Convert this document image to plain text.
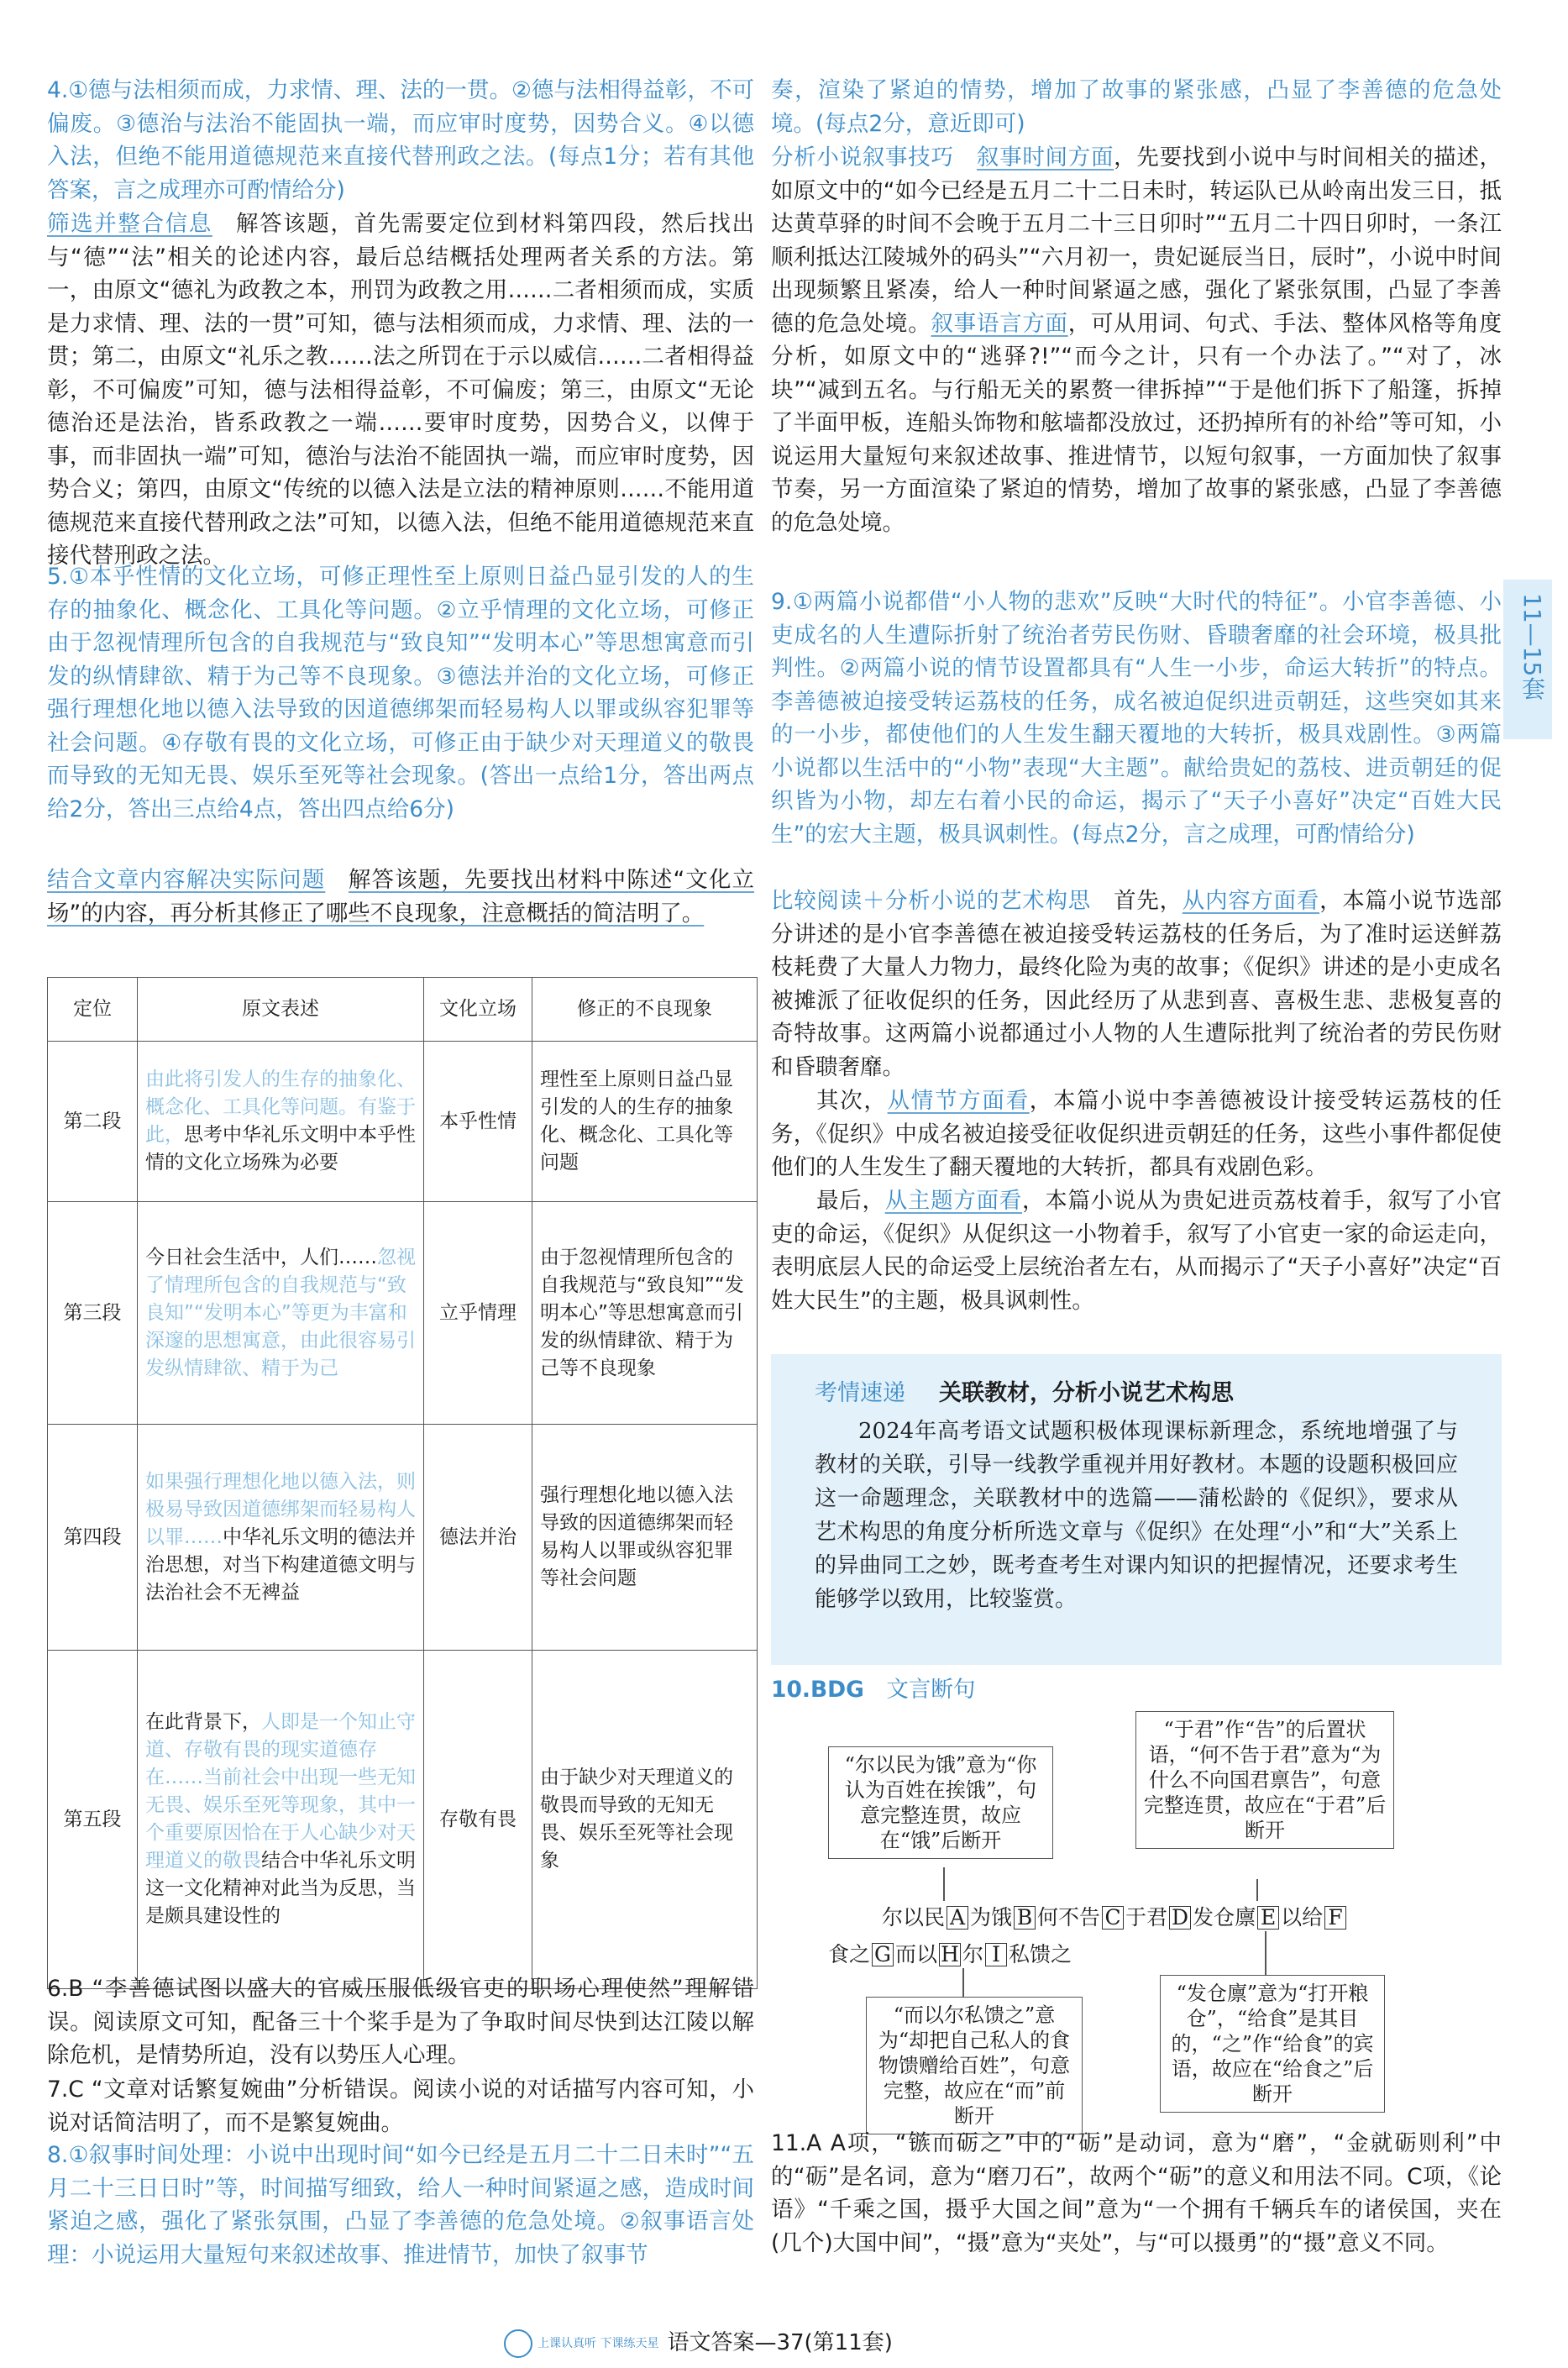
4.①德与法相须而成，力求情、理、法的一贯。②德与法相得益彰，不可偏废。③德治与法治不能固执一端，而应审时度势，因势合义。④以德入法，但绝不能用道德规范来直接代替刑政之法。(每点1分；若有其他答案，言之成理亦可酌情给分)
筛选并整合信息　 解答该题，首先需要定位到材料第四段，然后找出与“德”“法”相关的论述内容，最后总结概括处理两者关系的方法。第一，由原文“德礼为政教之本，刑罚为政教之用……二者相须而成，实质是力求情、理、法的一贯”可知，德与法相须而成，力求情、理、法的一贯；第二，由原文“礼乐之教……法之所罚在于示以威信……二者相得益彰，不可偏废”可知，德与法相得益彰，不可偏废；第三，由原文“无论德治还是法治，皆系政教之一端……要审时度势，因势合义，以俾于事，而非固执一端”可知，德治与法治不能固执一端，而应审时度势，因势合义；第四，由原文“传统的以德入法是立法的精神原则……不能用道德规范来直接代替刑政之法”可知，以德入法，但绝不能用道德规范来直接代替刑政之法。
5.①本乎性情的文化立场，可修正理性至上原则日益凸显引发的人的生存的抽象化、概念化、工具化等问题。②立乎情理的文化立场，可修正由于忽视情理所包含的自我规范与“致良知”“发明本心”等思想寓意而引发的纵情肆欲、精于为己等不良现象。③德法并治的文化立场，可修正强行理想化地以德入法导致的因道德绑架而轻易构人以罪或纵容犯罪等社会问题。④存敬有畏的文化立场，可修正由于缺少对天理道义的敬畏而导致的无知无畏、娱乐至死等社会现象。(答出一点给1分，答出两点给2分，答出三点给4点，答出四点给6分)
结合文章内容解决实际问题　 解答该题，先要找出材料中陈述“文化立场”的内容，再分析其修正了哪些不良现象，注意概括的简洁明了。
定位	原文表述	文化立场	修正的不良现象
第二段	由此将引发人的生存的抽象化、概念化、工具化等问题。有鉴于此，思考中华礼乐文明中本乎性情的文化立场殊为必要	本乎性情	理性至上原则日益凸显引发的人的生存的抽象化、概念化、工具化等问题
第三段	今日社会生活中，人们……忽视了情理所包含的自我规范与“致良知”“发明本心”等更为丰富和深邃的思想寓意，由此很容易引发纵情肆欲、精于为己	立乎情理	由于忽视情理所包含的自我规范与“致良知”“发明本心”等思想寓意而引发的纵情肆欲、精于为己等不良现象
第四段	如果强行理想化地以德入法，则极易导致因道德绑架而轻易构人以罪……中华礼乐文明的德法并治思想，对当下构建道德文明与法治社会不无裨益	德法并治	强行理想化地以德入法导致的因道德绑架而轻易构人以罪或纵容犯罪等社会问题
第五段	在此背景下，人即是一个知止守道、存敬有畏的现实道德存在……当前社会中出现一些无知无畏、娱乐至死等现象，其中一个重要原因恰在于人心缺少对天理道义的敬畏结合中华礼乐文明这一文化精神对此当为反思，当是颇具建设性的	存敬有畏	由于缺少对天理道义的敬畏而导致的无知无畏、娱乐至死等社会现象
6.B “李善德试图以盛大的官威压服低级官吏的职场心理使然”理解错误。阅读原文可知，配备三十个桨手是为了争取时间尽快到达江陵以解除危机，是情势所迫，没有以势压人心理。
7.C “文章对话繁复婉曲”分析错误。阅读小说的对话描写内容可知，小说对话简洁明了，而不是繁复婉曲。
8.①叙事时间处理：小说中出现时间“如今已经是五月二十二日未时”“五月二十三日日时”等，时间描写细致，给人一种时间紧逼之感，造成时间紧迫之感，强化了紧张氛围，凸显了李善德的危急处境。②叙事语言处理：小说运用大量短句来叙述故事、推进情节，加快了叙事节
奏，渲染了紧迫的情势，增加了故事的紧张感，凸显了李善德的危急处境。(每点2分，意近即可)
分析小说叙事技巧　 叙事时间方面，先要找到小说中与时间相关的描述，如原文中的“如今已经是五月二十二日未时，转运队已从岭南出发三日，抵达黄草驿的时间不会晚于五月二十三日卯时”“五月二十四日卯时，一条江顺利抵达江陵城外的码头”“六月初一，贵妃诞辰当日，辰时”，小说中时间出现频繁且紧凑，给人一种时间紧逼之感，强化了紧张氛围，凸显了李善德的危急处境。叙事语言方面，可从用词、句式、手法、整体风格等角度分析，如原文中的“逃驿?!”“而今之计，只有一个办法了。”“对了，冰块”“减到五名。与行船无关的累赘一律拆掉”“于是他们拆下了船篷，拆掉了半面甲板，连船头饰物和舷墙都没放过，还扔掉所有的补给”等可知，小说运用大量短句来叙述故事、推进情节，以短句叙事，一方面加快了叙事节奏，另一方面渲染了紧迫的情势，增加了故事的紧张感，凸显了李善德的危急处境。
9.①两篇小说都借“小人物的悲欢”反映“大时代的特征”。小官李善德、小吏成名的人生遭际折射了统治者劳民伤财、昏聩奢靡的社会环境，极具批判性。②两篇小说的情节设置都具有“人生一小步，命运大转折”的特点。李善德被迫接受转运荔枝的任务，成名被迫促织进贡朝廷，这些突如其来的一小步，都使他们的人生发生翻天覆地的大转折，极具戏剧性。③两篇小说都以生活中的“小物”表现“大主题”。献给贵妃的荔枝、进贡朝廷的促织皆为小物，却左右着小民的命运，揭示了“天子小喜好”决定“百姓大民生”的宏大主题，极具讽刺性。(每点2分，言之成理，可酌情给分)
比较阅读＋分析小说的艺术构思　 首先，从内容方面看，本篇小说节选部分讲述的是小官李善德在被迫接受转运荔枝的任务后，为了准时运送鲜荔枝耗费了大量人力物力，最终化险为夷的故事；《促织》讲述的是小吏成名被摊派了征收促织的任务，因此经历了从悲到喜、喜极生悲、悲极复喜的奇特故事。这两篇小说都通过小人物的人生遭际批判了统治者的劳民伤财和昏聩奢靡。
其次，从情节方面看，本篇小说中李善德被设计接受转运荔枝的任务，《促织》中成名被迫接受征收促织进贡朝廷的任务，这些小事件都促使他们的人生发生了翻天覆地的大转折，都具有戏剧色彩。
最后，从主题方面看，本篇小说从为贵妃进贡荔枝着手，叙写了小官吏的命运，《促织》从促织这一小物着手，叙写了小官吏一家的命运走向，表明底层人民的命运受上层统治者左右，从而揭示了“天子小喜好”决定“百姓大民生”的主题，极具讽刺性。
考情速递 关联教材，分析小说艺术构思
2024年高考语文试题积极体现课标新理念，系统地增强了与教材的关联，引导一线教学重视并用好教材。本题的设题积极回应这一命题理念，关联教材中的选篇——蒲松龄的《促织》，要求从艺术构思的角度分析所选文章与《促织》在处理“小”和“大”关系上的异曲同工之妙，既考查考生对课内知识的把握情况，还要求考生能够学以致用，比较鉴赏。
10.BDG　 文言断句
“尔以民为饿”意为“你认为百姓在挨饿”，句意完整连贯，故应在“饿”后断开
“于君”作“告”的后置状语，“何不告于君”意为“为什么不向国君禀告”，句意完整连贯，故应在“于君”后断开
尔以民 A 为饿 B 何不告 C 于君 D 发仓廪 E 以给 F
食之 G 而以 H 尔 I 私馈之
“而以尔私馈之”意为“却把自己私人的食物馈赠给百姓”，句意完整，故应在“而”前断开
“发仓廪”意为“打开粮仓”，“给食”是其目的，“之”作“给食”的宾语，故应在“给食之”后断开
11.A A项，“镞而砺之”中的“砺”是动词，意为“磨”，“金就砺则利”中的“砺”是名词，意为“磨刀石”，故两个“砺”的意义和用法不同。C项，《论语》“千乘之国，摄乎大国之间”意为“一个拥有千辆兵车的诸侯国，夹在(几个)大国中间”，“摄”意为“夹处”，与“可以摄勇”的“摄”意义不同。
11—15套
上课认真听 下课练天星 语文答案—37(第11套)
